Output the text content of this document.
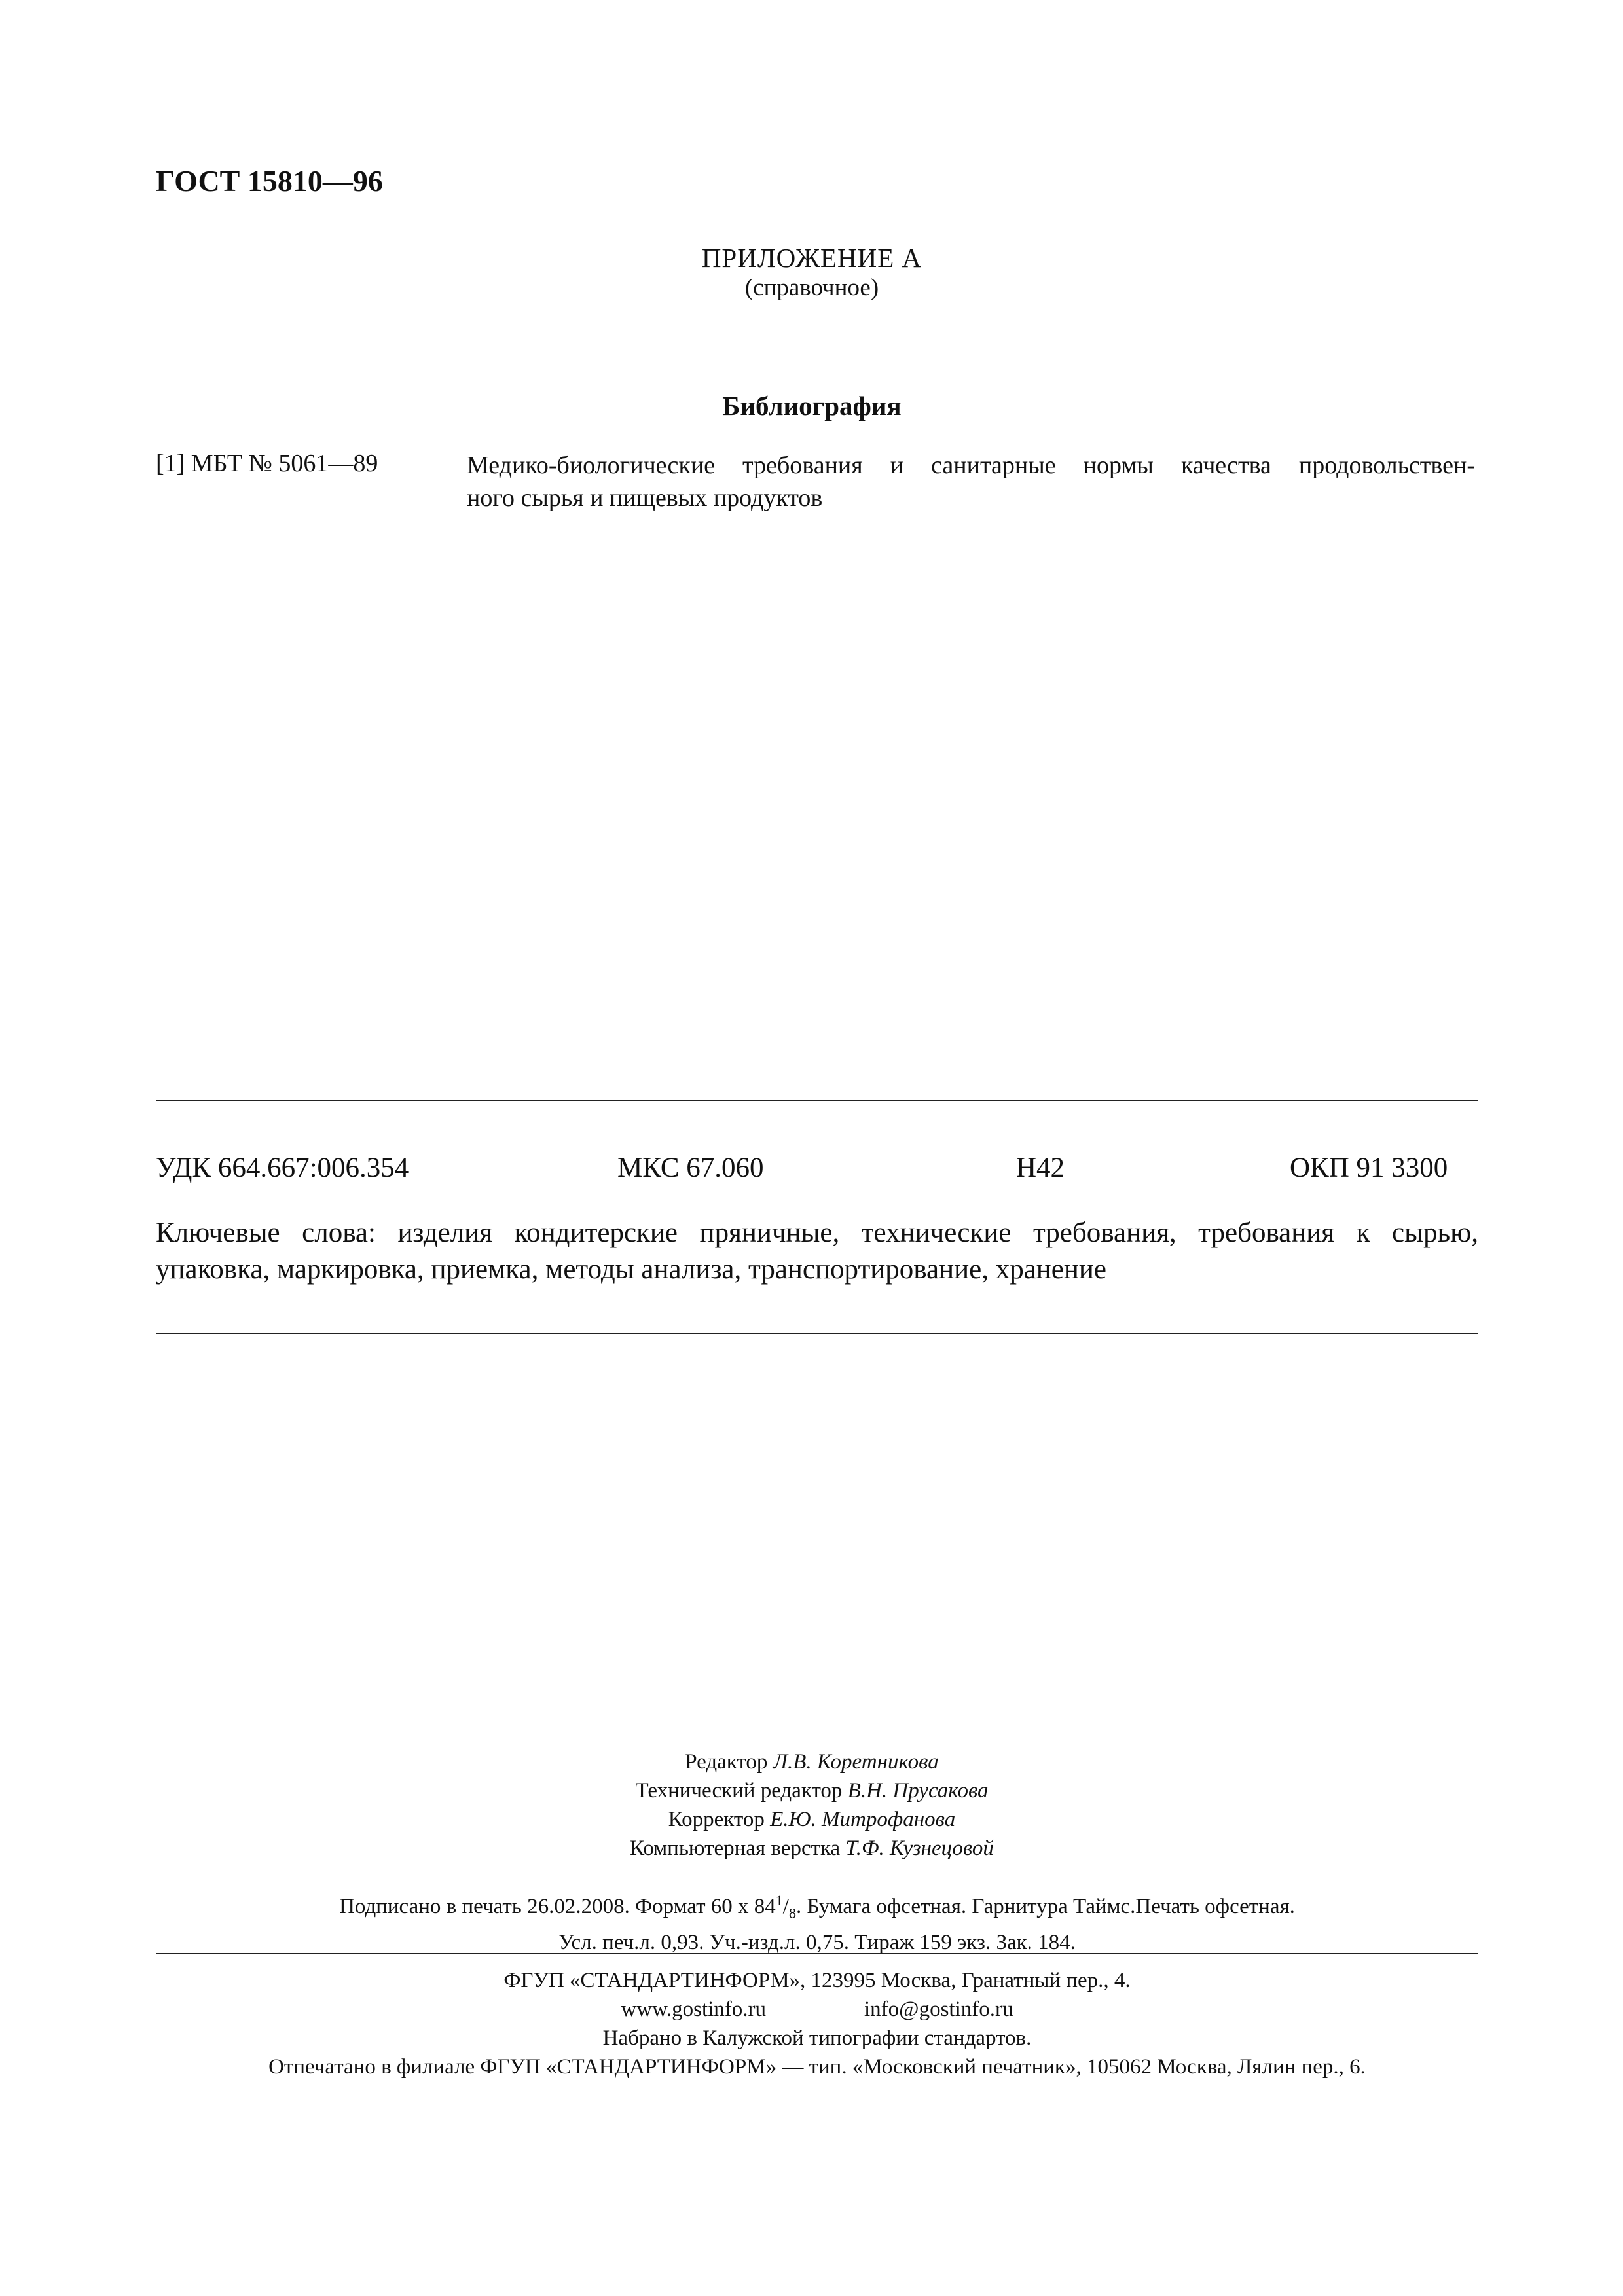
ГОСТ 15810—96
ПРИЛОЖЕНИЕ А
(справочное)
Библиография
[1] МБТ № 5061—89	Медико-биологические требования и санитарные нормы качества продовольствен-
ного сырья и пищевых продуктов
УДК 664.667:006.354	МКС 67.060	Н42	ОКП 91 3300
Ключевые слова: изделия кондитерские пряничные, технические требования, требования к сырью,
упаковка, маркировка, приемка, методы анализа, транспортирование, хранение
Редактор Л.В. Коретникова
Технический редактор В.Н. Прусакова
Корректор Е.Ю. Митрофанова
Компьютерная верстка Т.Ф. Кузнецовой
Подписано в печать 26.02.2008. Формат 60 x $84^1/_8$. Бумага офсетная. Гарнитура Таймс.Печать офсетная.
Усл. печ.л. 0,93. Уч.-изд.л. 0,75. Тираж 159 экз. Зак. 184.
ФГУП «СТАНДАРТИНФОРМ», 123995 Москва, Гранатный пер., 4.
www.gostinfo.ru	info@gostinfo.ru
Набрано в Калужской типографии стандартов.
Отпечатано в филиале ФГУП «СТАНДАРТИНФОРМ» — тип. «Московский печатник», 105062 Москва, Лялин пер., 6.
